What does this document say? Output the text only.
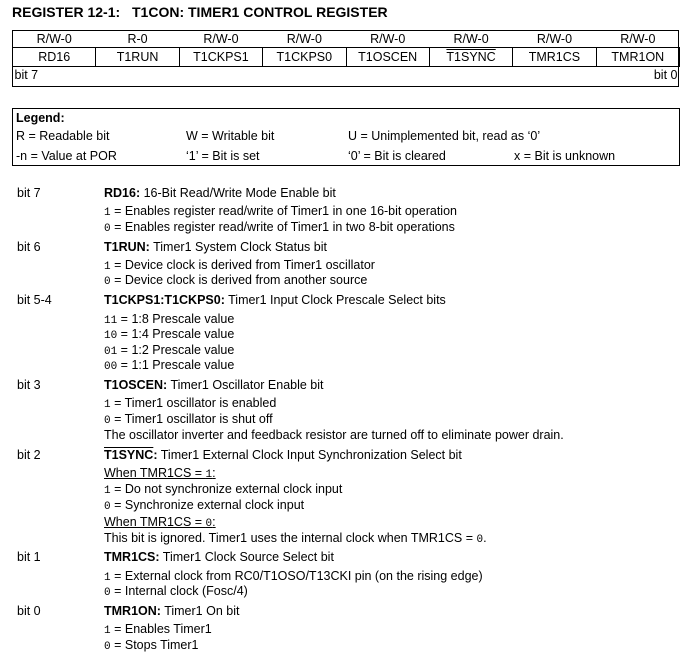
REGISTER 12-1: T1CON: TIMER1 CONTROL REGISTER
R/W-0	R-0	R/W-0	R/W-0	R/W-0	R/W-0	R/W-0	R/W-0
RD16	T1RUN	T1CKPS1	T1CKPS0	T1OSCEN	T1SYNC	TMR1CS	TMR1ON
bit 7				bit 0			
Legend:
R = Readable bit	W = Writable bit	U = Unimplemented bit, read as ‘0’
-n = Value at POR	‘1’ = Bit is set	‘0’ = Bit is cleared	x = Bit is unknown
bit 7	RD16: 16-Bit Read/Write Mode Enable bit
1 = Enables register read/write of Timer1 in one 16-bit operation
0 = Enables register read/write of Timer1 in two 8-bit operations
bit 6	T1RUN: Timer1 System Clock Status bit
1 = Device clock is derived from Timer1 oscillator
0 = Device clock is derived from another source
bit 5-4	T1CKPS1:T1CKPS0: Timer1 Input Clock Prescale Select bits
11 = 1:8 Prescale value
10 = 1:4 Prescale value
01 = 1:2 Prescale value
00 = 1:1 Prescale value
bit 3	T1OSCEN: Timer1 Oscillator Enable bit
1 = Timer1 oscillator is enabled
0 = Timer1 oscillator is shut off
The oscillator inverter and feedback resistor are turned off to eliminate power drain.
bit 2	T1SYNC: Timer1 External Clock Input Synchronization Select bit
When TMR1CS = 1:
1 = Do not synchronize external clock input
0 = Synchronize external clock input
When TMR1CS = 0:
This bit is ignored. Timer1 uses the internal clock when TMR1CS = 0.
bit 1	TMR1CS: Timer1 Clock Source Select bit
1 = External clock from RC0/T1OSO/T13CKI pin (on the rising edge)
0 = Internal clock (Fosc/4)
bit 0	TMR1ON: Timer1 On bit
1 = Enables Timer1
0 = Stops Timer1
